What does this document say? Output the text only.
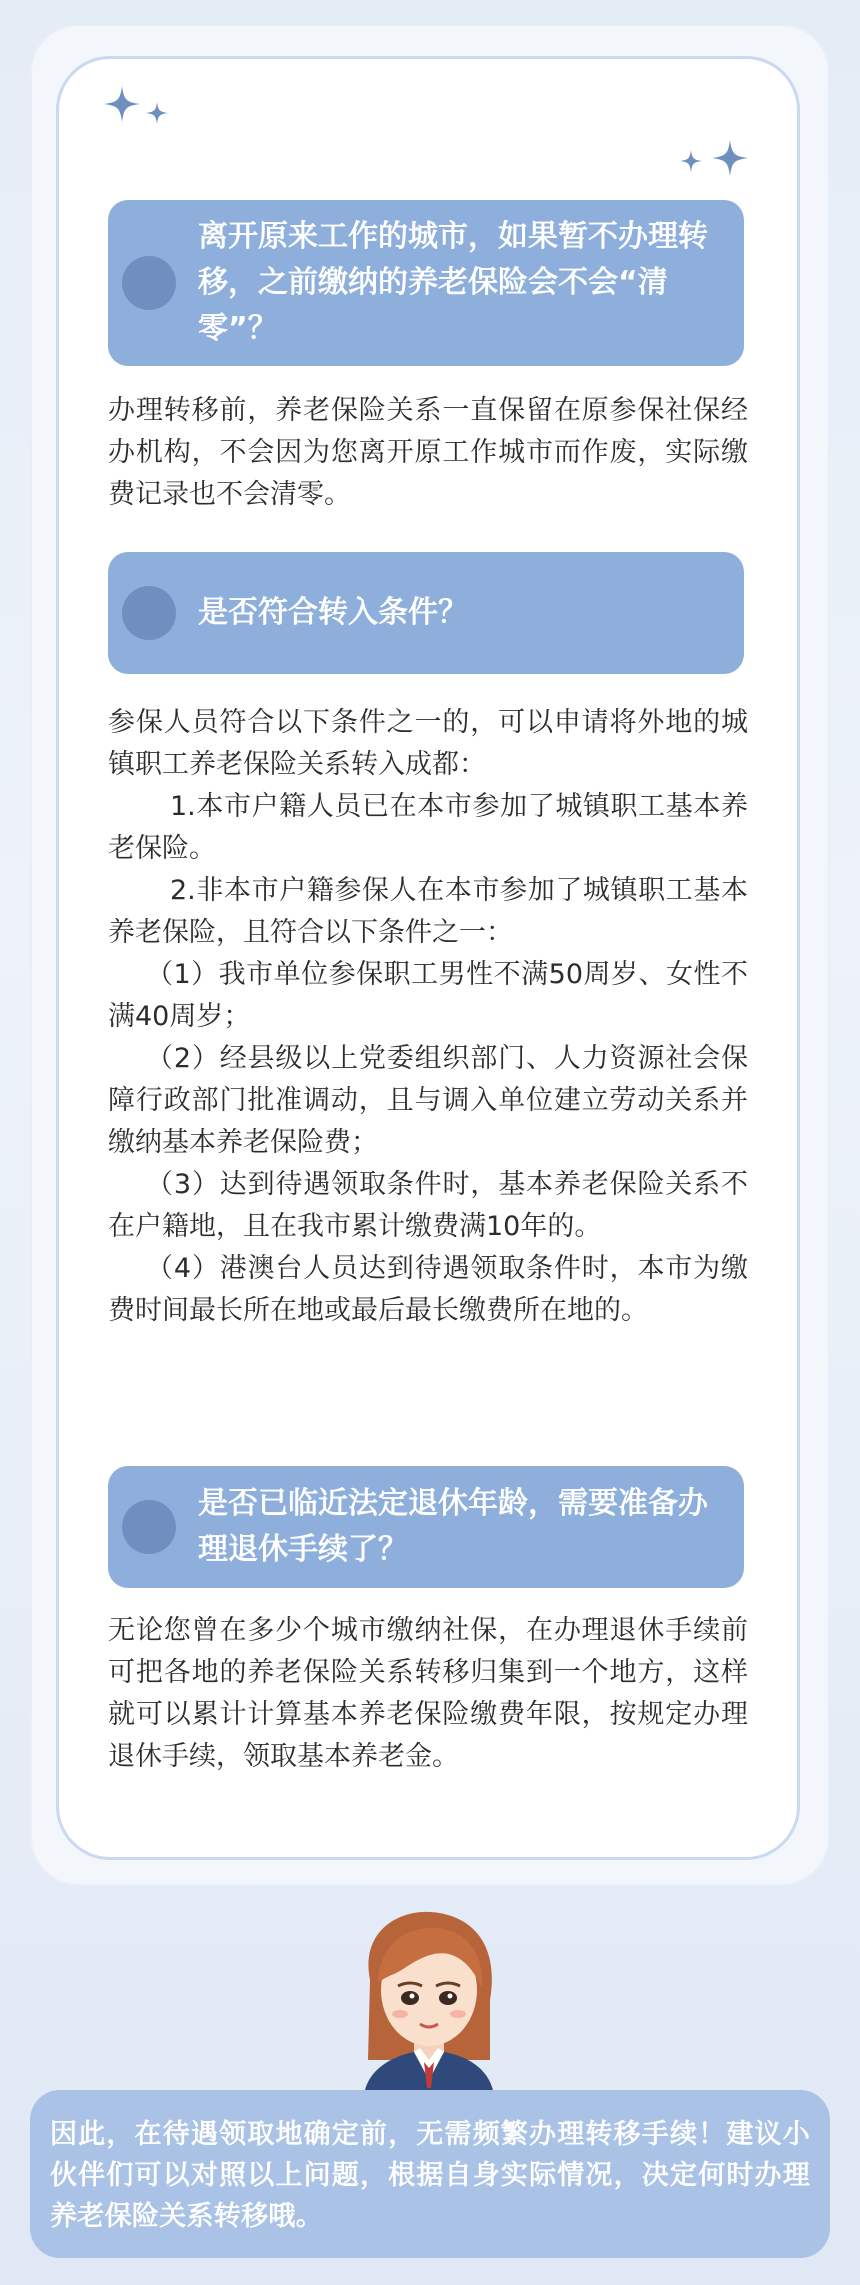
离开原来工作的城市，如果暂不办理转移，之前缴纳的养老保险会不会“清零”？

办理转移前，养老保险关系一直保留在原参保社保经办机构，不会因为您离开原工作城市而作废，实际缴费记录也不会清零。

是否符合转入条件？

参保人员符合以下条件之一的，可以申请将外地的城镇职工养老保险关系转入成都：

1.本市户籍人员已在本市参加了城镇职工基本养老保险。

2.非本市户籍参保人在本市参加了城镇职工基本养老保险，且符合以下条件之一：

（1）我市单位参保职工男性不满50周岁、女性不满40周岁；

（2）经县级以上党委组织部门、人力资源社会保障行政部门批准调动，且与调入单位建立劳动关系并缴纳基本养老保险费；

（3）达到待遇领取条件时，基本养老保险关系不在户籍地，且在我市累计缴费满10年的。

（4）港澳台人员达到待遇领取条件时，本市为缴费时间最长所在地或最后最长缴费所在地的。

是否已临近法定退休年龄，需要准备办理退休手续了？

无论您曾在多少个城市缴纳社保，在办理退休手续前可把各地的养老保险关系转移归集到一个地方，这样就可以累计计算基本养老保险缴费年限，按规定办理退休手续，领取基本养老金。

因此，在待遇领取地确定前，无需频繁办理转移手续！建议小伙伴们可以对照以上问题，根据自身实际情况，决定何时办理养老保险关系转移哦。
